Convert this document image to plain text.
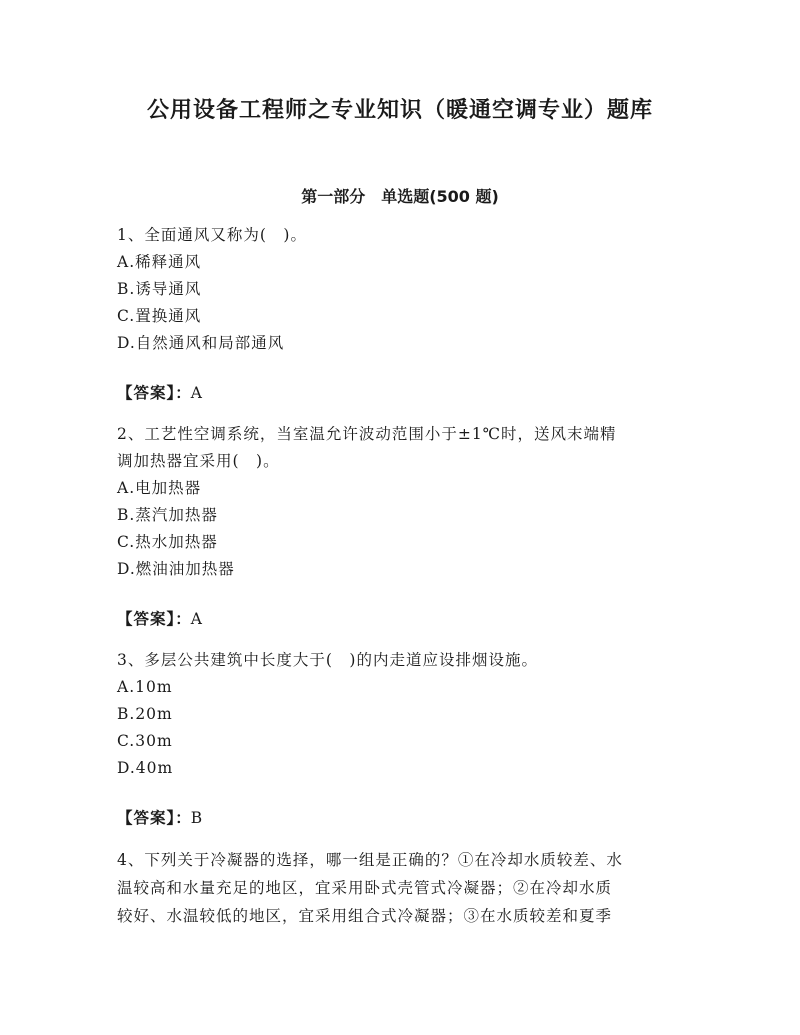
公用设备工程师之专业知识（暖通空调专业）题库
第一部分　单选题(500 题)
1、全面通风又称为(　)。
A.稀释通风
B.诱导通风
C.置换通风
D.自然通风和局部通风
【答案】：A
2、工艺性空调系统，当室温允许波动范围小于±1℃时，送风末端精
调加热器宜采用(　)。
A.电加热器
B.蒸汽加热器
C.热水加热器
D.燃油油加热器
【答案】：A
3、多层公共建筑中长度大于(　)的内走道应设排烟设施。
A.10m
B.20m
C.30m
D.40m
【答案】：B
4、下列关于冷凝器的选择，哪一组是正确的？①在冷却水质较差、水
温较高和水量充足的地区，宜采用卧式壳管式冷凝器；②在冷却水质
较好、水温较低的地区，宜采用组合式冷凝器；③在水质较差和夏季
